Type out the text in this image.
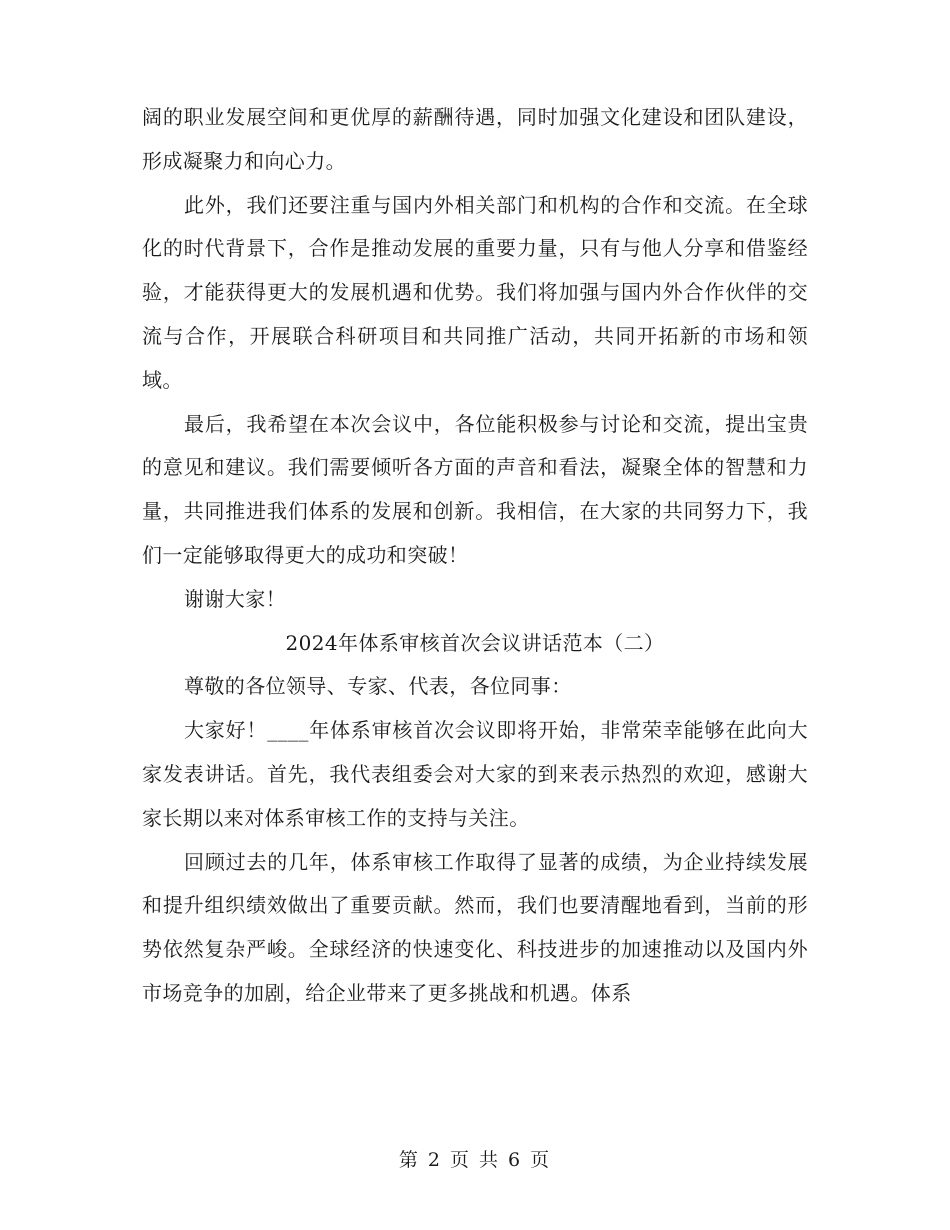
阔的职业发展空间和更优厚的薪酬待遇，同时加强文化建设和团队建设，形成凝聚力和向心力。

此外，我们还要注重与国内外相关部门和机构的合作和交流。在全球化的时代背景下，合作是推动发展的重要力量，只有与他人分享和借鉴经验，才能获得更大的发展机遇和优势。我们将加强与国内外合作伙伴的交流与合作，开展联合科研项目和共同推广活动，共同开拓新的市场和领域。

最后，我希望在本次会议中，各位能积极参与讨论和交流，提出宝贵的意见和建议。我们需要倾听各方面的声音和看法，凝聚全体的智慧和力量，共同推进我们体系的发展和创新。我相信，在大家的共同努力下，我们一定能够取得更大的成功和突破！

谢谢大家！

2024年体系审核首次会议讲话范本（二）

尊敬的各位领导、专家、代表，各位同事：

大家好！____年体系审核首次会议即将开始，非常荣幸能够在此向大家发表讲话。首先，我代表组委会对大家的到来表示热烈的欢迎，感谢大家长期以来对体系审核工作的支持与关注。

回顾过去的几年，体系审核工作取得了显著的成绩，为企业持续发展和提升组织绩效做出了重要贡献。然而，我们也要清醒地看到，当前的形势依然复杂严峻。全球经济的快速变化、科技进步的加速推动以及国内外市场竞争的加剧，给企业带来了更多挑战和机遇。体系

第 2 页 共 6 页
